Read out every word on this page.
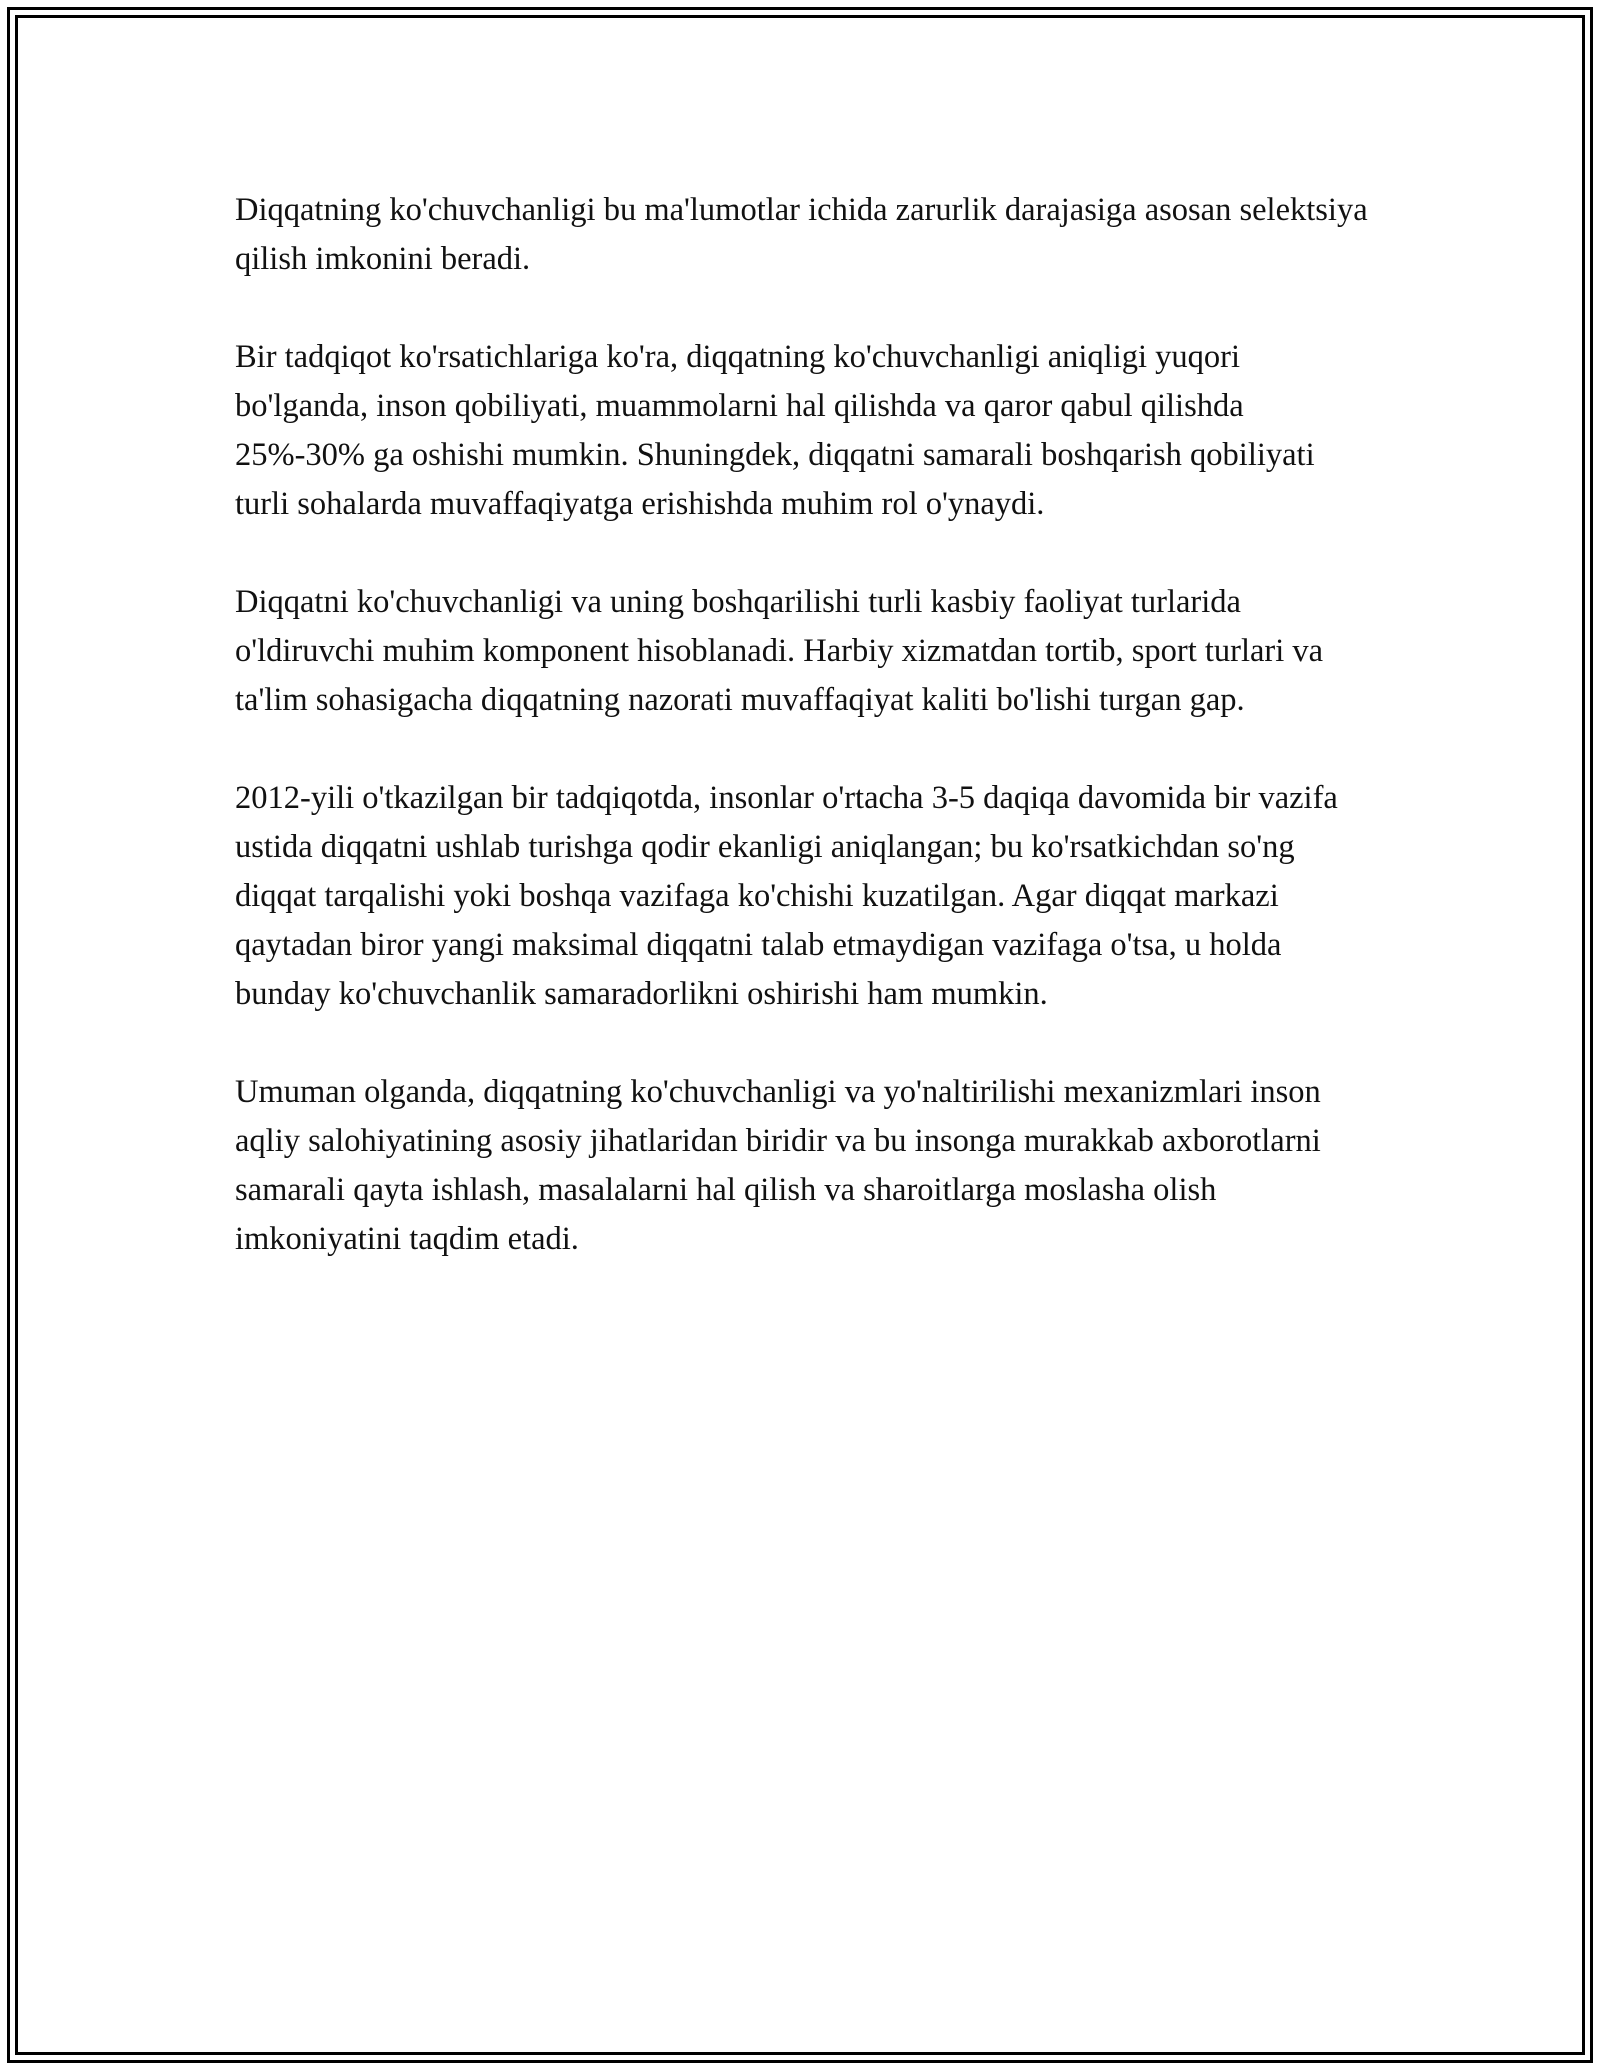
Diqqatning ko'chuvchanligi bu ma'lumotlar ichida zarurlik darajasiga asosan selektsiya qilish imkonini beradi.

Bir tadqiqot ko'rsatichlariga ko'ra, diqqatning ko'chuvchanligi aniqligi yuqori bo'lganda, inson qobiliyati, muammolarni hal qilishda va qaror qabul qilishda 25%-30% ga oshishi mumkin. Shuningdek, diqqatni samarali boshqarish qobiliyati turli sohalarda muvaffaqiyatga erishishda muhim rol o'ynaydi.

Diqqatni ko'chuvchanligi va uning boshqarilishi turli kasbiy faoliyat turlarida o'ldiruvchi muhim komponent hisoblanadi. Harbiy xizmatdan tortib, sport turlari va ta'lim sohasigacha diqqatning nazorati muvaffaqiyat kaliti bo'lishi turgan gap.

2012-yili o'tkazilgan bir tadqiqotda, insonlar o'rtacha 3-5 daqiqa davomida bir vazifa ustida diqqatni ushlab turishga qodir ekanligi aniqlangan; bu ko'rsatkichdan so'ng diqqat tarqalishi yoki boshqa vazifaga ko'chishi kuzatilgan. Agar diqqat markazi qaytadan biror yangi maksimal diqqatni talab etmaydigan vazifaga o'tsa, u holda bunday ko'chuvchanlik samaradorlikni oshirishi ham mumkin.

Umuman olganda, diqqatning ko'chuvchanligi va yo'naltirilishi mexanizmlari inson aqliy salohiyatining asosiy jihatlaridan biridir va bu insonga murakkab axborotlarni samarali qayta ishlash, masalalarni hal qilish va sharoitlarga moslasha olish imkoniyatini taqdim etadi.
